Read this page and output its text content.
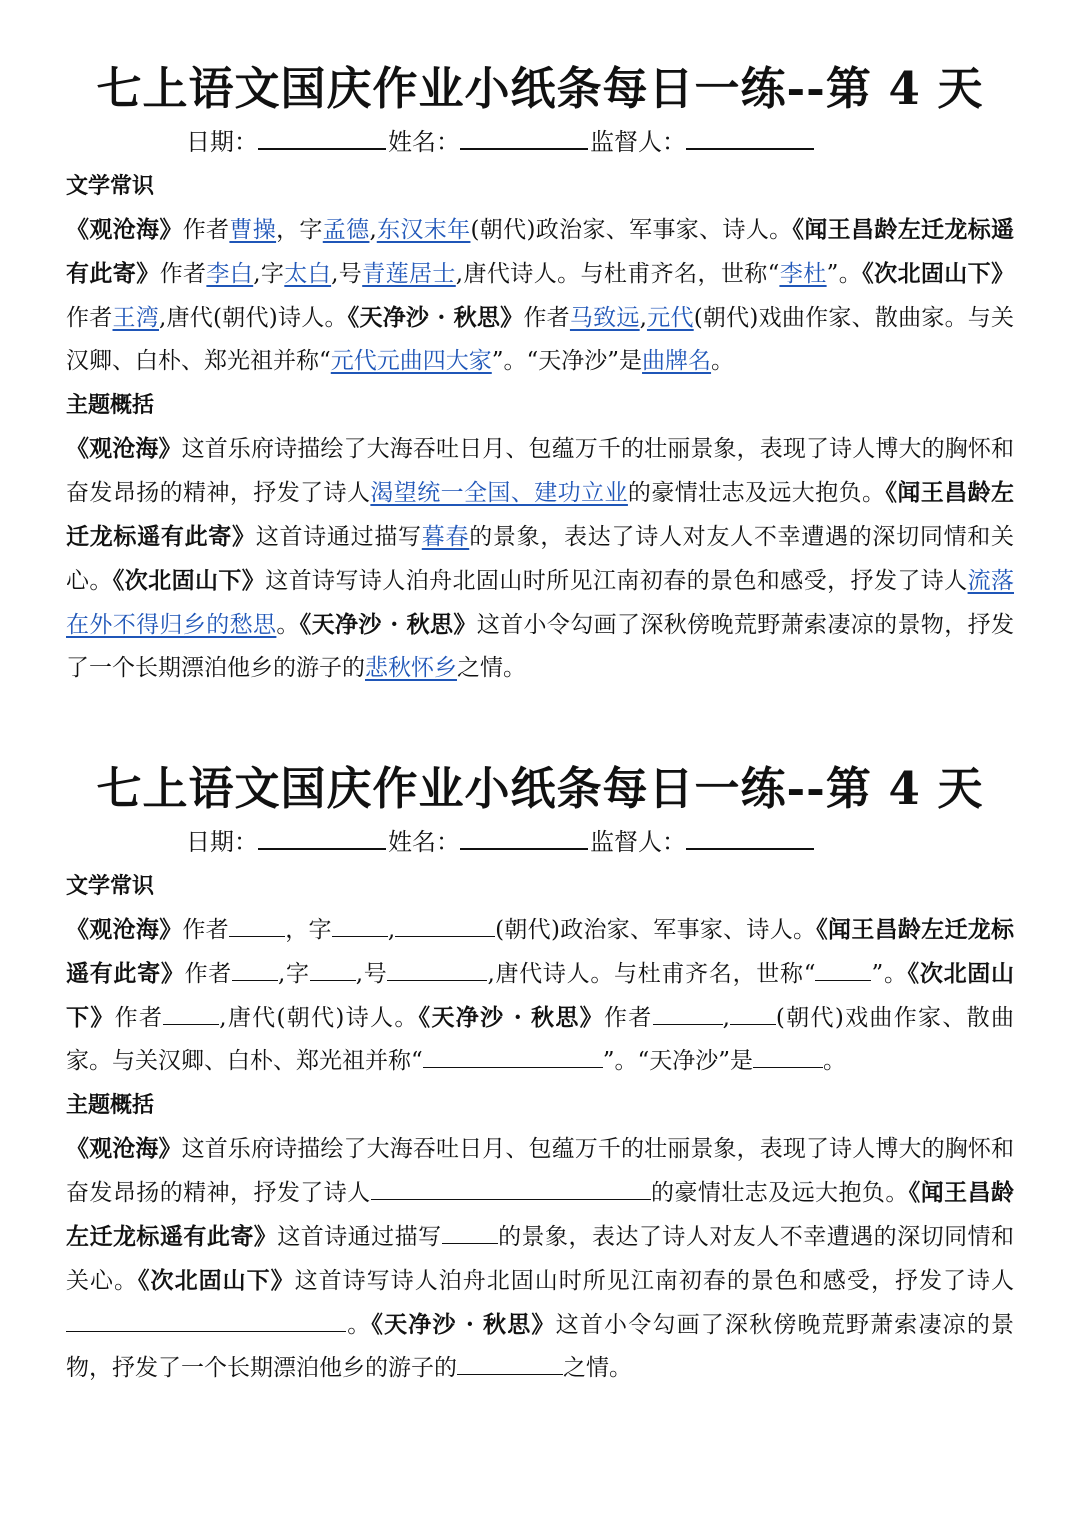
七上语文国庆作业小纸条每日一练--第 4 天
日期：	姓名：	监督人：
文学常识

《观沧海》作者曹操，字孟德,东汉末年(朝代)政治家、军事家、诗人。《闻王昌龄左迁龙标遥有此寄》作者李白,字太白,号青莲居士,唐代诗人。与杜甫齐名，世称“李杜”。《次北固山下》作者王湾,唐代(朝代)诗人。《天净沙 · 秋思》作者马致远,元代(朝代)戏曲作家、散曲家。与关汉卿、白朴、郑光祖并称“元代元曲四大家”。“天净沙”是曲牌名。

主题概括

《观沧海》这首乐府诗描绘了大海吞吐日月、包蕴万千的壮丽景象，表现了诗人博大的胸怀和奋发昂扬的精神，抒发了诗人渴望统一全国、建功立业的豪情壮志及远大抱负。《闻王昌龄左迁龙标遥有此寄》这首诗通过描写暮春的景象，表达了诗人对友人不幸遭遇的深切同情和关心。《次北固山下》这首诗写诗人泊舟北固山时所见江南初春的景色和感受，抒发了诗人流落在外不得归乡的愁思。《天净沙 · 秋思》这首小令勾画了深秋傍晚荒野萧索凄凉的景物，抒发了一个长期漂泊他乡的游子的悲秋怀乡之情。

七上语文国庆作业小纸条每日一练--第 4 天
日期：	姓名：	监督人：
文学常识

《观沧海》作者 ，字 ,	(朝代)政治家、军事家、诗人。《闻王昌龄左迁龙标遥有此寄》作者 ,字 ,号	,唐代诗人。与杜甫齐名，世称“ ”。《次北固山下》作者 ,唐代(朝代)诗人。《天净沙 · 秋思》作者	, (朝代)戏曲作家、散曲家。与关汉卿、白朴、郑光祖并称“	”。“天净沙”是	。

主题概括

《观沧海》这首乐府诗描绘了大海吞吐日月、包蕴万千的壮丽景象，表现了诗人博大的胸怀和奋发昂扬的精神，抒发了诗人	的豪情壮志及远大抱负。《闻王昌龄左迁龙标遥有此寄》这首诗通过描写 的景象，表达了诗人对友人不幸遭遇的深切同情和关心。《次北固山下》这首诗写诗人泊舟北固山时所见江南初春的景色和感受，抒发了诗人。《天净沙 · 秋思》这首小令勾画了深秋傍晚荒野萧索凄凉的景物，抒发了一个长期漂泊他乡的游子的	之情。
